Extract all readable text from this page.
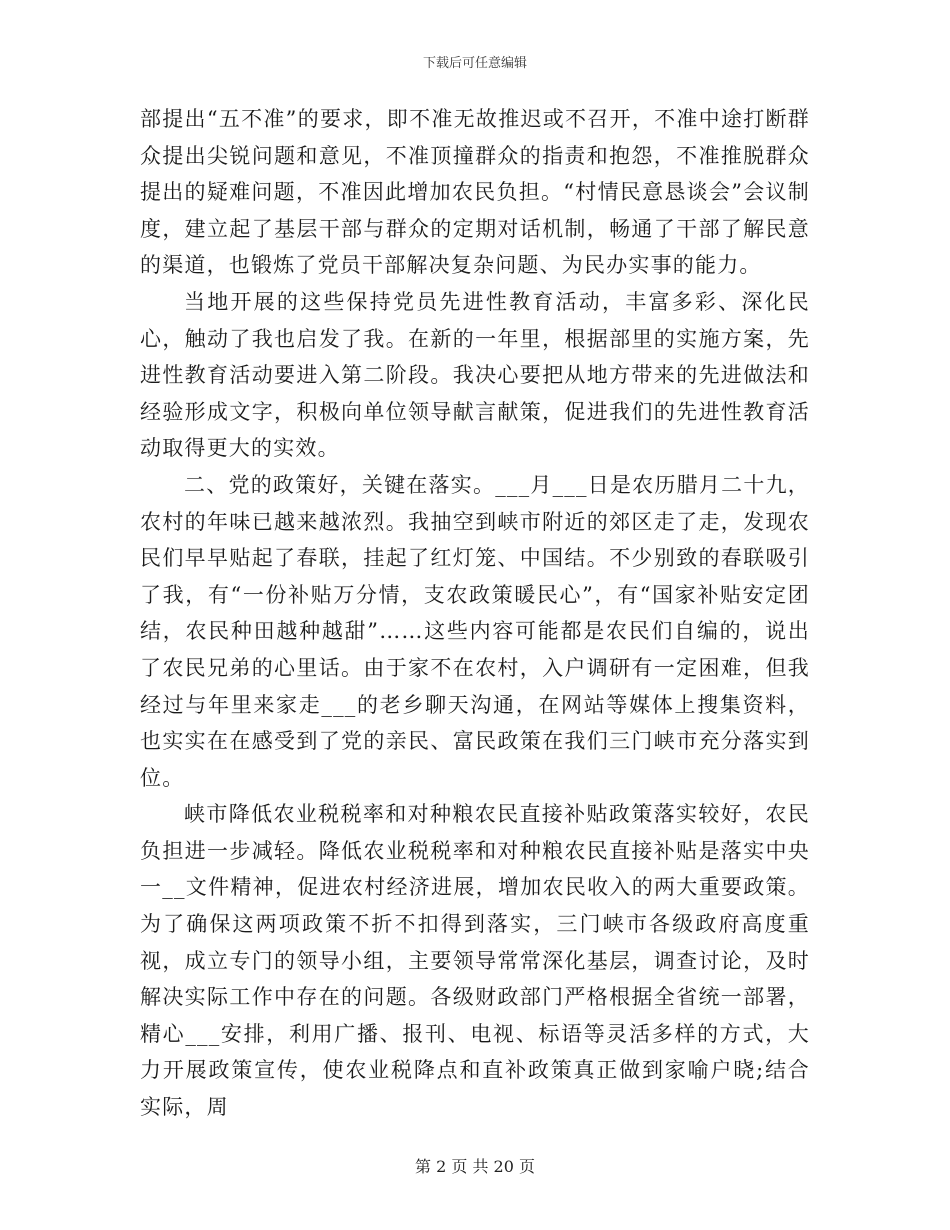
下载后可任意编辑

部提出“五不准”的要求，即不准无故推迟或不召开，不准中途打断群众提出尖锐问题和意见，不准顶撞群众的指责和抱怨，不准推脱群众提出的疑难问题，不准因此增加农民负担。“村情民意恳谈会”会议制度，建立起了基层干部与群众的定期对话机制，畅通了干部了解民意的渠道，也锻炼了党员干部解决复杂问题、为民办实事的能力。

当地开展的这些保持党员先进性教育活动，丰富多彩、深化民心，触动了我也启发了我。在新的一年里，根据部里的实施方案，先进性教育活动要进入第二阶段。我决心要把从地方带来的先进做法和经验形成文字，积极向单位领导献言献策，促进我们的先进性教育活动取得更大的实效。

二、党的政策好，关键在落实。___月___日是农历腊月二十九，农村的年味已越来越浓烈。我抽空到峡市附近的郊区走了走，发现农民们早早贴起了春联，挂起了红灯笼、中国结。不少别致的春联吸引了我，有“一份补贴万分情，支农政策暖民心”，有“国家补贴安定团结，农民种田越种越甜”……这些内容可能都是农民们自编的，说出了农民兄弟的心里话。由于家不在农村，入户调研有一定困难，但我经过与年里来家走___的老乡聊天沟通，在网站等媒体上搜集资料，也实实在在感受到了党的亲民、富民政策在我们三门峡市充分落实到位。

峡市降低农业税税率和对种粮农民直接补贴政策落实较好，农民负担进一步减轻。降低农业税税率和对种粮农民直接补贴是落实中央一__文件精神，促进农村经济进展，增加农民收入的两大重要政策。为了确保这两项政策不折不扣得到落实，三门峡市各级政府高度重视，成立专门的领导小组，主要领导常常深化基层，调查讨论，及时解决实际工作中存在的问题。各级财政部门严格根据全省统一部署，精心___安排，利用广播、报刊、电视、标语等灵活多样的方式，大力开展政策宣传，使农业税降点和直补政策真正做到家喻户晓;结合实际，周

第 2 页 共 20 页
